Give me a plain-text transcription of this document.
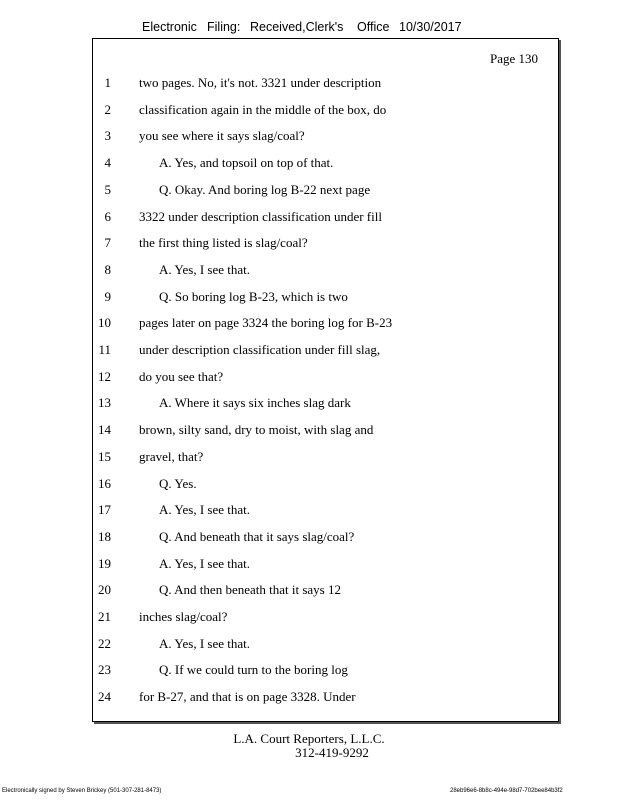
Electronic Filing: Received,Clerk's Office 10/30/2017
Page 130
1 two pages. No, it's not. 3321 under description
2 classification again in the middle of the box, do
3 you see where it says slag/coal?
4	A. Yes, and topsoil on top of that.
5	Q. Okay. And boring log B-22 next page
6 3322 under description classification under fill
7 the first thing listed is slag/coal?
8	A. Yes, I see that.
9	Q. So boring log B-23, which is two
10 pages later on page 3324 the boring log for B-23
11 under description classification under fill slag,
12 do you see that?
13	A. Where it says six inches slag dark
14 brown, silty sand, dry to moist, with slag and
15 gravel, that?
16	Q. Yes.
17	A. Yes, I see that.
18	Q. And beneath that it says slag/coal?
19	A. Yes, I see that.
20	Q. And then beneath that it says 12
21 inches slag/coal?
22	A. Yes, I see that.
23	Q. If we could turn to the boring log
24 for B-27, and that is on page 3328. Under
L.A. Court Reporters, L.L.C.
312-419-9292
Electronically signed by Steven Brickey (501-307-281-8473)	28eb96e6-8b8c-494e-98d7-702bee84b3f2
